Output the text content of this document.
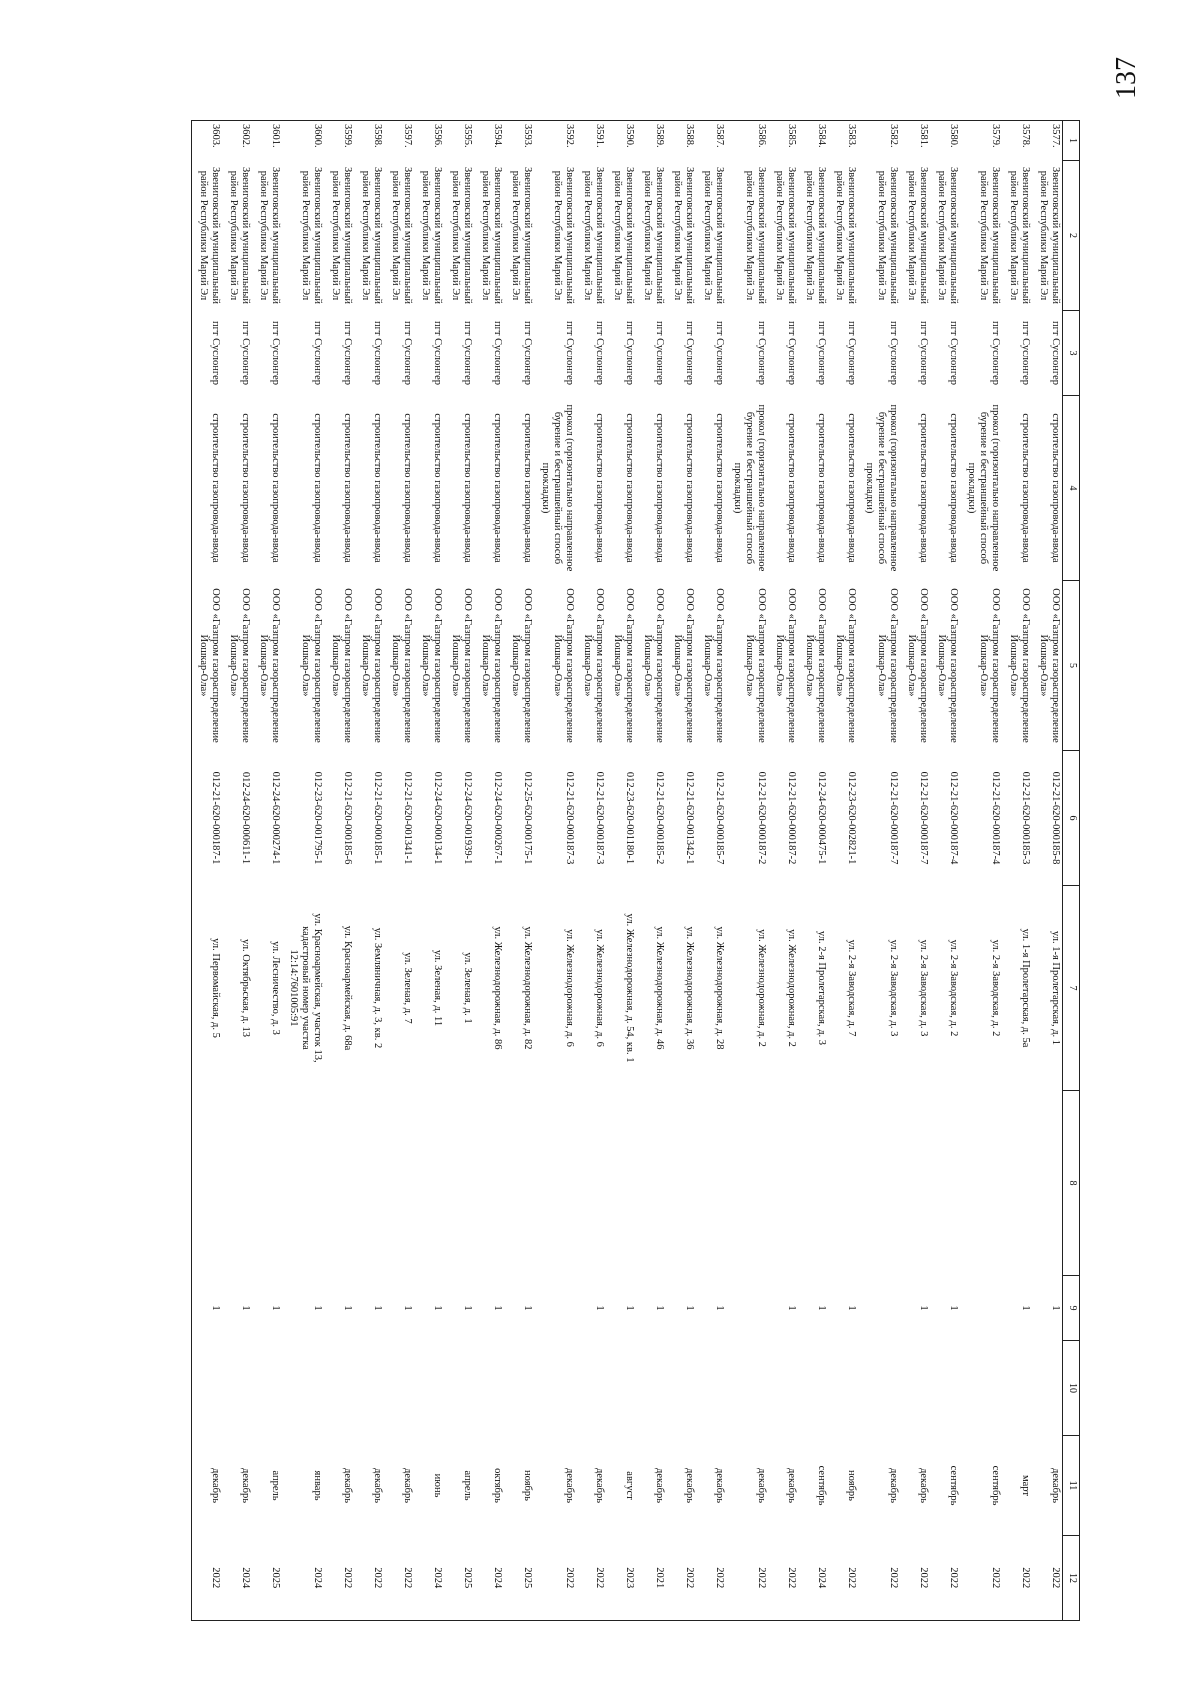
137
1	2	3	4	5	6	7	8	9	10	11	12
3577.	Звениговский муниципальный район Республики Марий Эл	пгт Суслонгер	строительство газопровода-ввода	ООО «Газпром газораспределение Йошкар-Ола»	012-21-620-000185-8	ул. 1-я Пролетарская, д. 1		1		декабрь	2022
3578.	Звениговский муниципальный район Республики Марий Эл	пгт Суслонгер	строительство газопровода-ввода	ООО «Газпром газораспределение Йошкар-Ола»	012-21-620-000185-3	ул. 1-я Пролетарская, д. 5а		1		март	2022
3579.	Звениговский муниципальный район Республики Марий Эл	пгт Суслонгер	прокол (горизонтально направленное бурение и бестраншейный способ прокладки)	ООО «Газпром газораспределение Йошкар-Ола»	012-21-620-000187-4	ул. 2-я Заводская, д. 2				сентябрь	2022
3580.	Звениговский муниципальный район Республики Марий Эл	пгт Суслонгер	строительство газопровода-ввода	ООО «Газпром газораспределение Йошкар-Ола»	012-21-620-000187-4	ул. 2-я Заводская, д. 2		1		сентябрь	2022
3581.	Звениговский муниципальный район Республики Марий Эл	пгт Суслонгер	строительство газопровода-ввода	ООО «Газпром газораспределение Йошкар-Ола»	012-21-620-000187-7	ул. 2-я Заводская, д. 3		1		декабрь	2022
3582.	Звениговский муниципальный район Республики Марий Эл	пгт Суслонгер	прокол (горизонтально направленное бурение и бестраншейный способ прокладки)	ООО «Газпром газораспределение Йошкар-Ола»	012-21-620-000187-7	ул. 2-я Заводская, д. 3				декабрь	2022
3583.	Звениговский муниципальный район Республики Марий Эл	пгт Суслонгер	строительство газопровода-ввода	ООО «Газпром газораспределение Йошкар-Ола»	012-23-620-002821-1	ул. 2-я Заводская, д. 7		1		ноябрь	2022
3584.	Звениговский муниципальный район Республики Марий Эл	пгт Суслонгер	строительство газопровода-ввода	ООО «Газпром газораспределение Йошкар-Ола»	012-24-620-000475-1	ул. 2-я Пролетарская, д. 3		1		сентябрь	2024
3585.	Звениговский муниципальный район Республики Марий Эл	пгт Суслонгер	строительство газопровода-ввода	ООО «Газпром газораспределение Йошкар-Ола»	012-21-620-000187-2	ул. Железнодорожная, д. 2		1		декабрь	2022
3586.	Звениговский муниципальный район Республики Марий Эл	пгт Суслонгер	прокол (горизонтально направленное бурение и бестраншейный способ прокладки)	ООО «Газпром газораспределение Йошкар-Ола»	012-21-620-000187-2	ул. Железнодорожная, д. 2				декабрь	2022
3587.	Звениговский муниципальный район Республики Марий Эл	пгт Суслонгер	строительство газопровода-ввода	ООО «Газпром газораспределение Йошкар-Ола»	012-21-620-000185-7	ул. Железнодорожная, д. 28		1		декабрь	2022
3588.	Звениговский муниципальный район Республики Марий Эл	пгт Суслонгер	строительство газопровода-ввода	ООО «Газпром газораспределение Йошкар-Ола»	012-21-620-001342-1	ул. Железнодорожная, д. 36		1		декабрь	2022
3589.	Звениговский муниципальный район Республики Марий Эл	пгт Суслонгер	строительство газопровода-ввода	ООО «Газпром газораспределение Йошкар-Ола»	012-21-620-000185-2	ул. Железнодорожная, д. 46		1		декабрь	2021
3590.	Звениговский муниципальный район Республики Марий Эл	пгт Суслонгер	строительство газопровода-ввода	ООО «Газпром газораспределение Йошкар-Ола»	012-23-620-001180-1	ул. Железнодорожная, д. 54, кв. 1		1		август	2023
3591.	Звениговский муниципальный район Республики Марий Эл	пгт Суслонгер	строительство газопровода-ввода	ООО «Газпром газораспределение Йошкар-Ола»	012-21-620-000187-3	ул. Железнодорожная, д. 6		1		декабрь	2022
3592.	Звениговский муниципальный район Республики Марий Эл	пгт Суслонгер	прокол (горизонтально направленное бурение и бестраншейный способ прокладки)	ООО «Газпром газораспределение Йошкар-Ола»	012-21-620-000187-3	ул. Железнодорожная, д. 6				декабрь	2022
3593.	Звениговский муниципальный район Республики Марий Эл	пгт Суслонгер	строительство газопровода-ввода	ООО «Газпром газораспределение Йошкар-Ола»	012-25-620-000175-1	ул. Железнодорожная, д. 82		1		ноябрь	2025
3594.	Звениговский муниципальный район Республики Марий Эл	пгт Суслонгер	строительство газопровода-ввода	ООО «Газпром газораспределение Йошкар-Ола»	012-24-620-000267-1	ул. Железнодорожная, д. 86		1		октябрь	2024
3595.	Звениговский муниципальный район Республики Марий Эл	пгт Суслонгер	строительство газопровода-ввода	ООО «Газпром газораспределение Йошкар-Ола»	012-24-620-001939-1	ул. Зеленая, д. 1		1		апрель	2025
3596.	Звениговский муниципальный район Республики Марий Эл	пгт Суслонгер	строительство газопровода-ввода	ООО «Газпром газораспределение Йошкар-Ола»	012-24-620-000134-1	ул. Зеленая, д. 11		1		июнь	2024
3597.	Звениговский муниципальный район Республики Марий Эл	пгт Суслонгер	строительство газопровода-ввода	ООО «Газпром газораспределение Йошкар-Ола»	012-21-620-001341-1	ул. Зеленая, д. 7		1		декабрь	2022
3598.	Звениговский муниципальный район Республики Марий Эл	пгт Суслонгер	строительство газопровода-ввода	ООО «Газпром газораспределение Йошкар-Ола»	012-21-620-000185-1	ул. Земляничная, д. 3, кв. 2		1		декабрь	2022
3599.	Звениговский муниципальный район Республики Марий Эл	пгт Суслонгер	строительство газопровода-ввода	ООО «Газпром газораспределение Йошкар-Ола»	012-21-620-000185-6	ул. Красноармейская, д. 68а		1		декабрь	2022
3600.	Звениговский муниципальный район Республики Марий Эл	пгт Суслонгер	строительство газопровода-ввода	ООО «Газпром газораспределение Йошкар-Ола»	012-23-620-001795-1	ул. Красноармейская, участок 13, кадастровый номер участка 12:14:7601005:91		1		январь	2024
3601.	Звениговский муниципальный район Республики Марий Эл	пгт Суслонгер	строительство газопровода-ввода	ООО «Газпром газораспределение Йошкар-Ола»	012-24-620-000274-1	ул. Лесничество, д. 3		1		апрель	2025
3602.	Звениговский муниципальный район Республики Марий Эл	пгт Суслонгер	строительство газопровода-ввода	ООО «Газпром газораспределение Йошкар-Ола»	012-24-620-000611-1	ул. Октябрьская, д. 13		1		декабрь	2024
3603.	Звениговский муниципальный район Республики Марий Эл	пгт Суслонгер	строительство газопровода-ввода	ООО «Газпром газораспределение Йошкар-Ола»	012-21-620-000187-1	ул. Первомайская, д. 5		1		декабрь	2022
